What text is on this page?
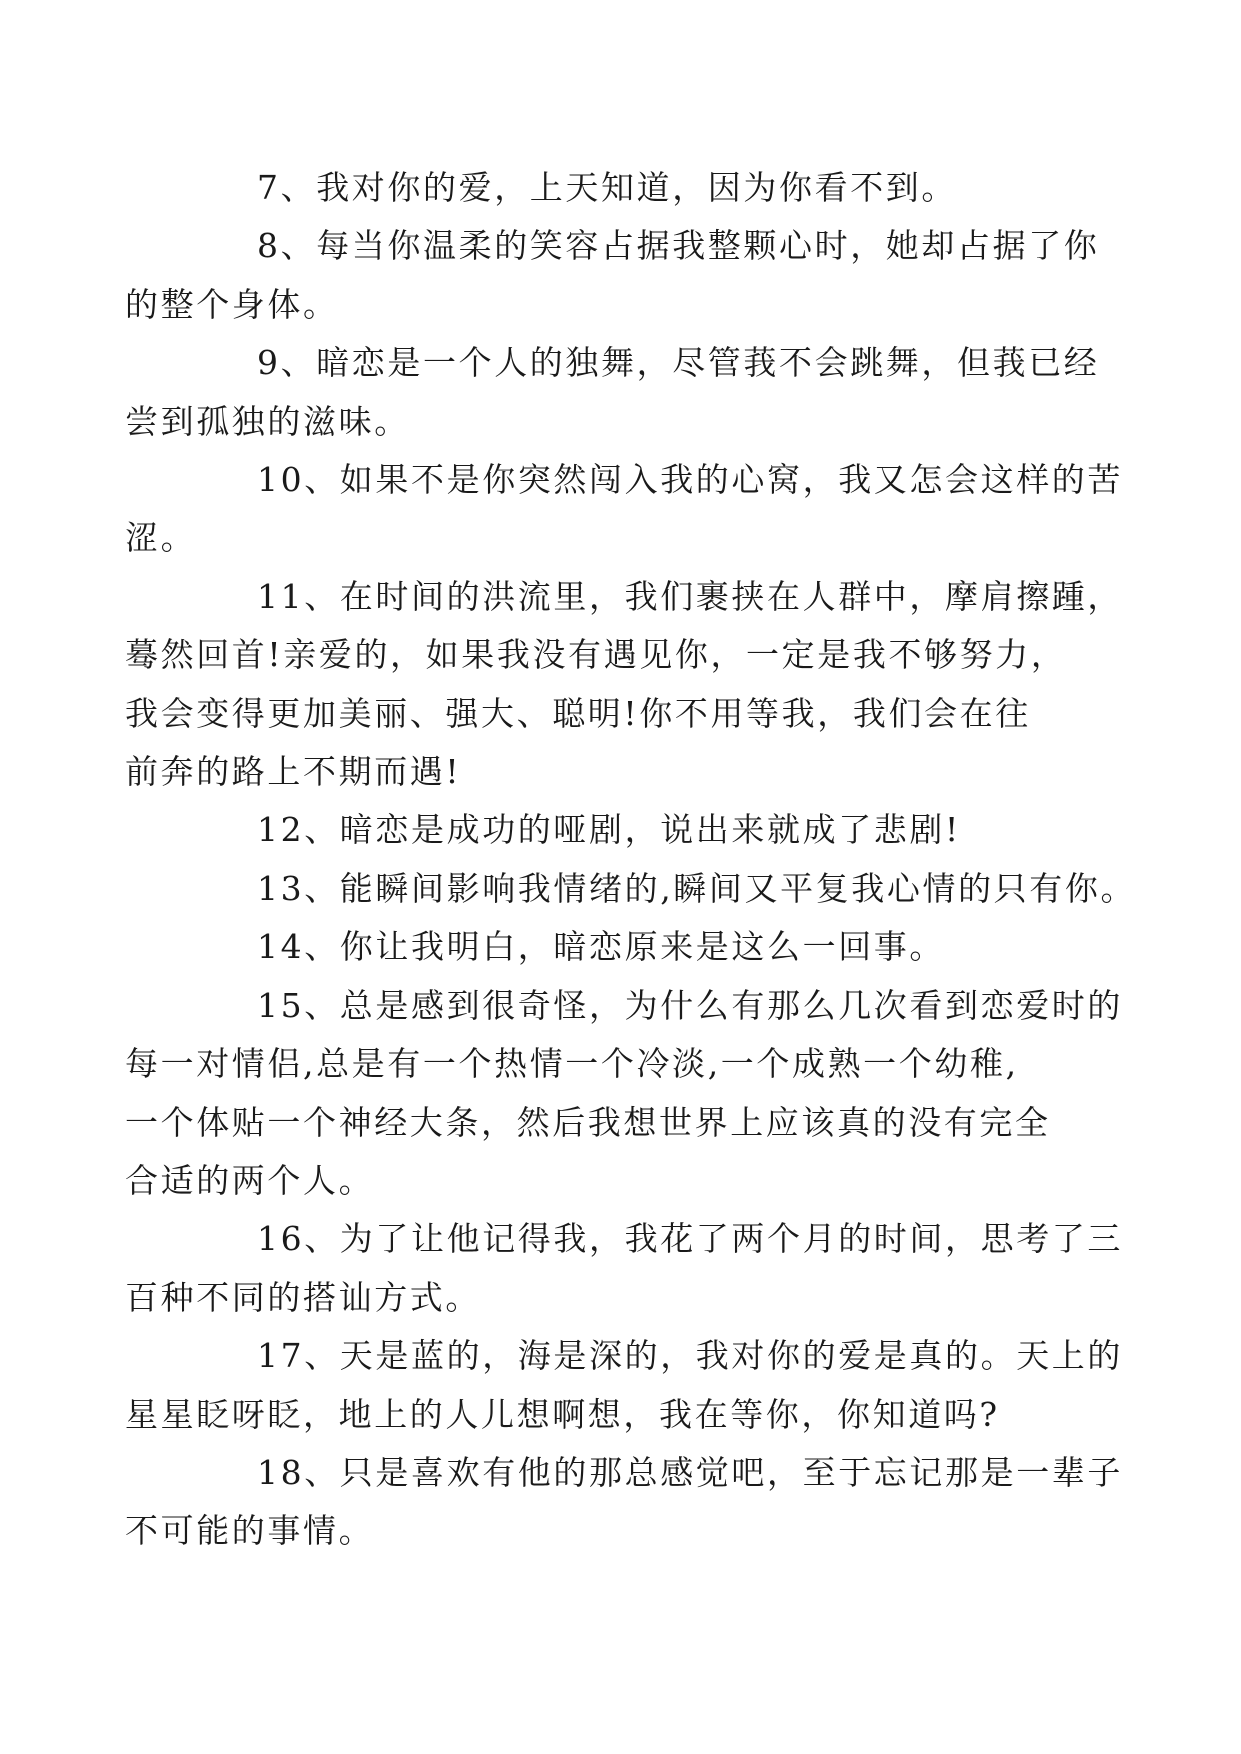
7、我对你的爱，上天知道，因为你看不到。

8、每当你温柔的笑容占据我整颗心时，她却占据了你
的整个身体。

9、暗恋是一个人的独舞，尽管莪不会跳舞，但莪已经
尝到孤独的滋味。

10、如果不是你突然闯入我的心窝，我又怎会这样的苦
涩。

11、在时间的洪流里，我们裹挟在人群中，摩肩擦踵，
蓦然回首!亲爱的，如果我没有遇见你，一定是我不够努力，
我会变得更加美丽、强大、聪明!你不用等我，我们会在往
前奔的路上不期而遇!

12、暗恋是成功的哑剧，说出来就成了悲剧!

13、能瞬间影响我情绪的,瞬间又平复我心情的只有你。

14、你让我明白，暗恋原来是这么一回事。

15、总是感到很奇怪，为什么有那么几次看到恋爱时的
每一对情侣,总是有一个热情一个冷淡,一个成熟一个幼稚,
一个体贴一个神经大条，然后我想世界上应该真的没有完全
合适的两个人。

16、为了让他记得我，我花了两个月的时间，思考了三
百种不同的搭讪方式。

17、天是蓝的，海是深的，我对你的爱是真的。天上的
星星眨呀眨，地上的人儿想啊想，我在等你，你知道吗?

18、只是喜欢有他的那总感觉吧，至于忘记那是一辈子
不可能的事情。
